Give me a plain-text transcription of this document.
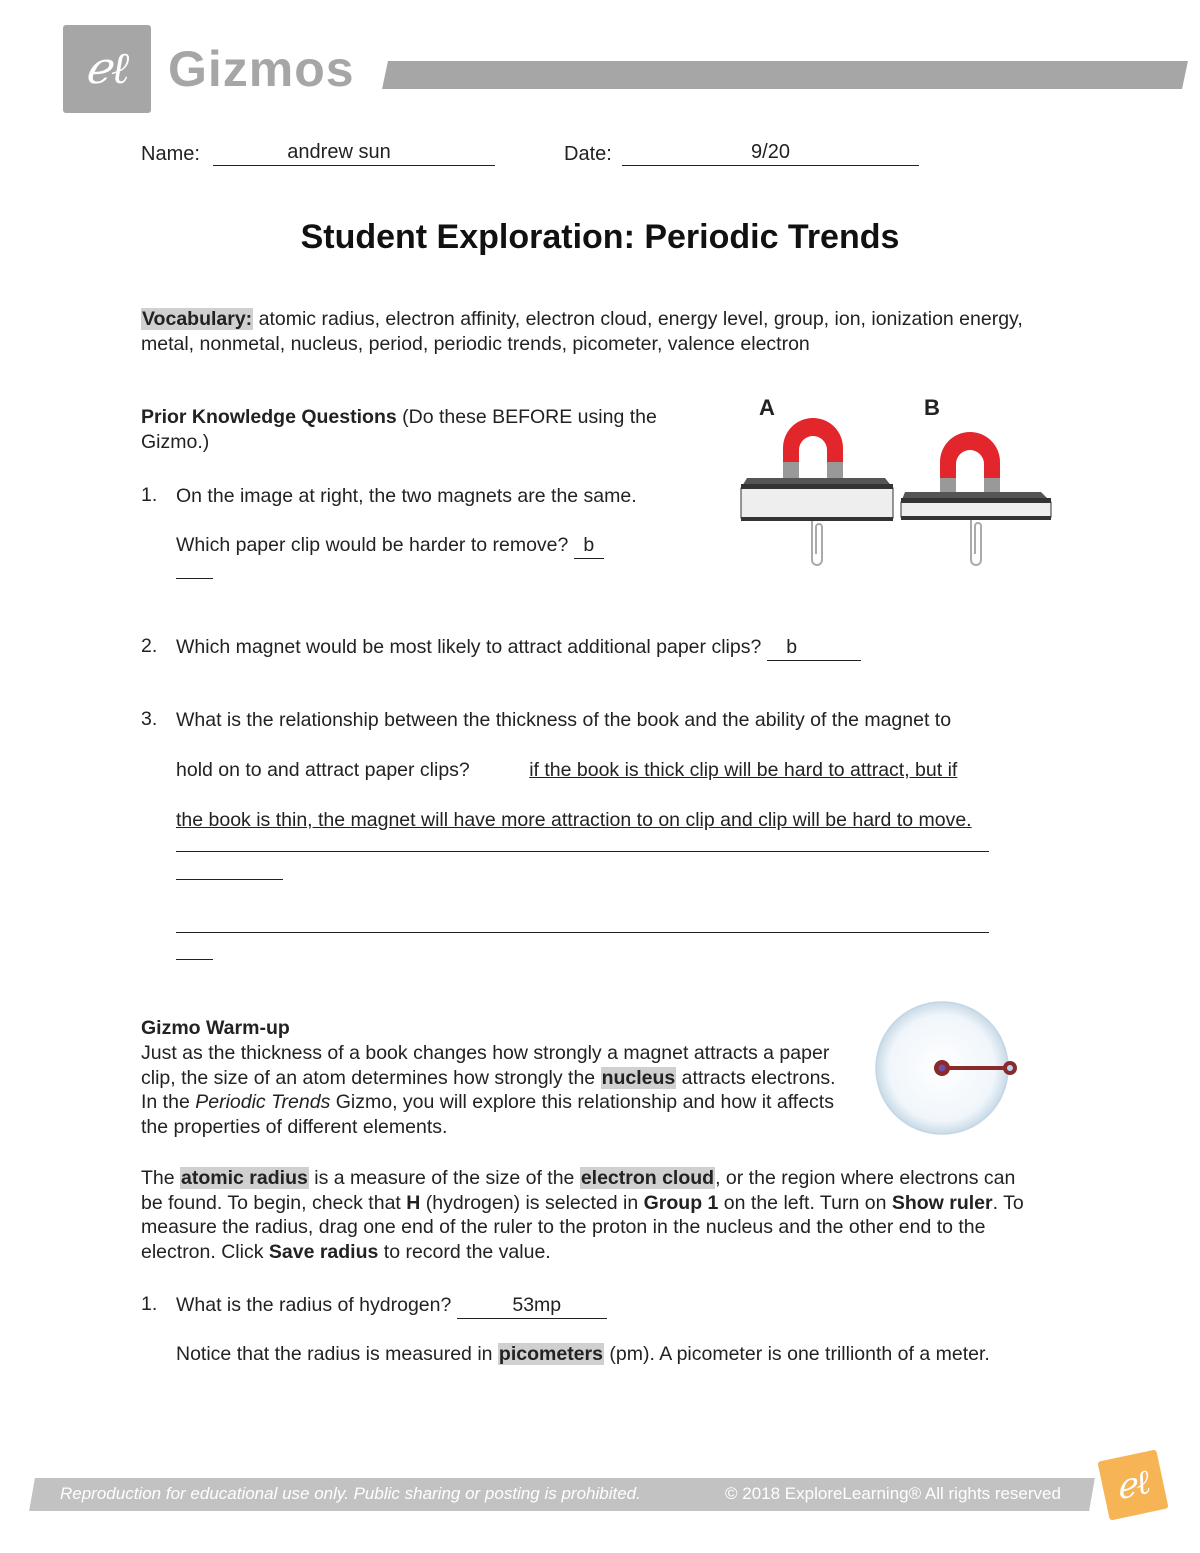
ℯℓ Gizmos
Name:	andrew sun	Date:	9/20
Student Exploration: Periodic Trends
Vocabulary: atomic radius, electron affinity, electron cloud, energy level, group, ion, ionization energy, metal, nonmetal, nucleus, period, periodic trends, picometer, valence electron
Prior Knowledge Questions (Do these BEFORE using the Gizmo.)
1. On the image at right, the two magnets are the same.
Which paper clip would be harder to remove? b
2. Which magnet would be most likely to attract additional paper clips? b
3. What is the relationship between the thickness of the book and the ability of the magnet to
hold on to and attract paper clips?	if the book is thick clip will be hard to attract, but if
the book is thin, the magnet will have more attraction to on clip and clip will be hard to move.
A	B
Gizmo Warm-up
Just as the thickness of a book changes how strongly a magnet attracts a paper clip, the size of an atom determines how strongly the nucleus attracts electrons. In the Periodic Trends Gizmo, you will explore this relationship and how it affects the properties of different elements.
The atomic radius is a measure of the size of the electron cloud, or the region where electrons can be found. To begin, check that H (hydrogen) is selected in Group 1 on the left. Turn on Show ruler. To measure the radius, drag one end of the ruler to the proton in the nucleus and the other end to the electron. Click Save radius to record the value.
1. What is the radius of hydrogen?	53mp
Notice that the radius is measured in picometers (pm). A picometer is one trillionth of a meter.
Reproduction for educational use only. Public sharing or posting is prohibited.	© 2018 ExploreLearning® All rights reserved	ℯℓ
